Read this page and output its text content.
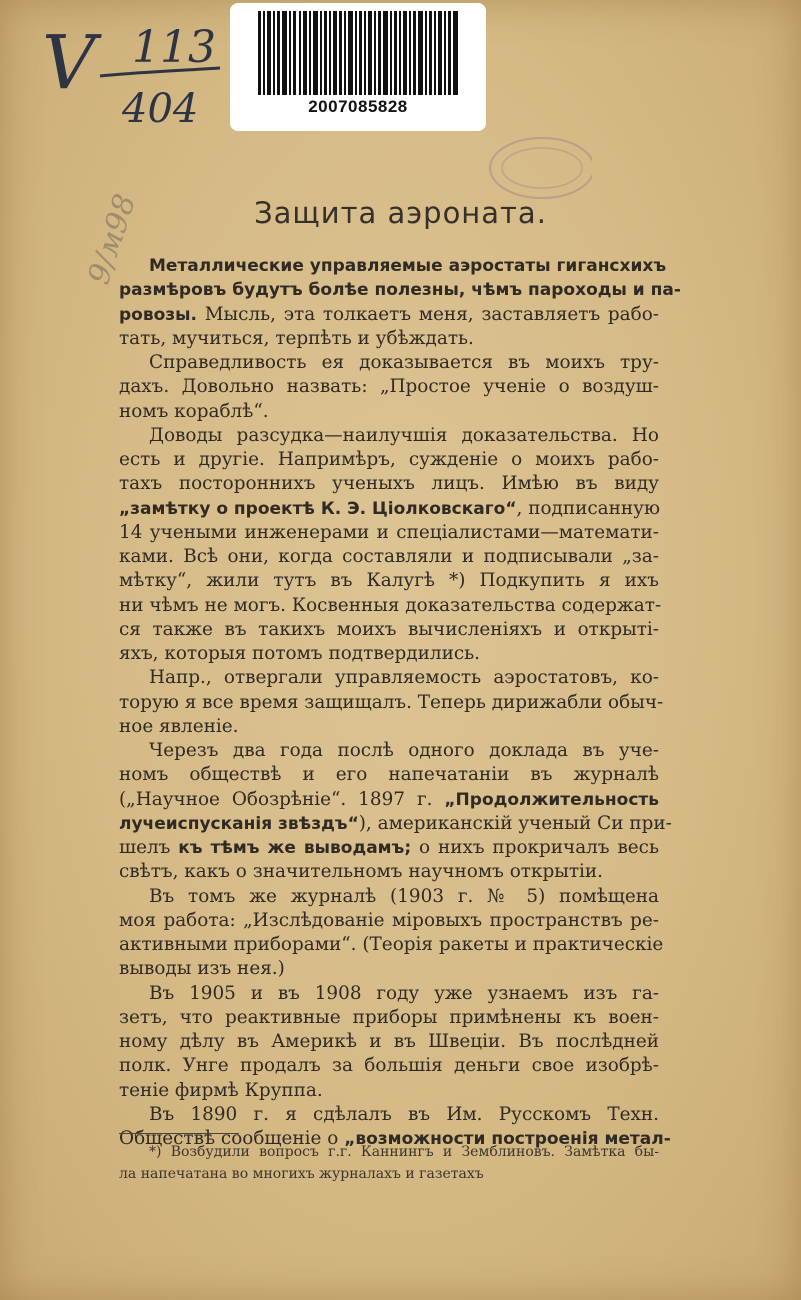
V 113
404
9/м98
2007085828
Защита аэроната.
Металлические управляемые аэростаты гигансхихъ
размѣровъ будутъ болѣе полезны, чѣмъ пароходы и па-
ровозы. Мысль, эта толкаетъ меня, заставляетъ рабо-
тать, мучиться, терпѣть и убѣждать.
Справедливость ея доказывается въ моихъ тру-
дахъ. Довольно назвать: „Простое ученіе о воздуш-
номъ кораблѣ“.
Доводы разсудка—наилучшія доказательства. Но
есть и другіе. Напримѣръ, сужденіе о моихъ рабо-
тахъ постороннихъ ученыхъ лицъ. Имѣю въ виду
„замѣтку о проектѣ К. Э. Ціолковскаго“, подписанную
14 учеными инженерами и спеціалистами—математи-
ками. Всѣ они, когда составляли и подписывали „за-
мѣтку“, жили тутъ въ Калугѣ *) Подкупить я ихъ
ни чѣмъ не могъ. Косвенныя доказательства содержат-
ся также въ такихъ моихъ вычисленіяхъ и открыті-
яхъ, которыя потомъ подтвердились.
Напр., отвергали управляемость аэростатовъ, ко-
торую я все время защищалъ. Теперь дирижабли обыч-
ное явленіе.
Черезъ два года послѣ одного доклада въ уче-
номъ обществѣ и его напечатаніи въ журналѣ
(„Научное Обозрѣніе“. 1897 г. „Продолжительность
лучеиспусканія звѣздъ“), американскій ученый Си при-
шелъ къ тѣмъ же выводамъ; о нихъ прокричалъ весь
свѣтъ, какъ о значительномъ научномъ открытіи.
Въ томъ же журналѣ (1903 г. № 5) помѣщена
моя работа: „Изслѣдованіе міровыхъ пространствъ ре-
активными приборами“. (Теорія ракеты и практическіе
выводы изъ нея.)
Въ 1905 и въ 1908 году уже узнаемъ изъ га-
зетъ, что реактивные приборы примѣнены къ воен-
ному дѣлу въ Америкѣ и въ Швеціи. Въ послѣдней
полк. Унге продалъ за большія деньги свое изобрѣ-
теніе фирмѣ Круппа.
Въ 1890 г. я сдѣлалъ въ Им. Русскомъ Техн.
Обществѣ сообщеніе о „возможности построенія метал-
*) Возбудили вопросъ г.г. Каннингъ и Земблиновъ. Замѣтка бы-
ла напечатана во многихъ журналахъ и газетахъ
